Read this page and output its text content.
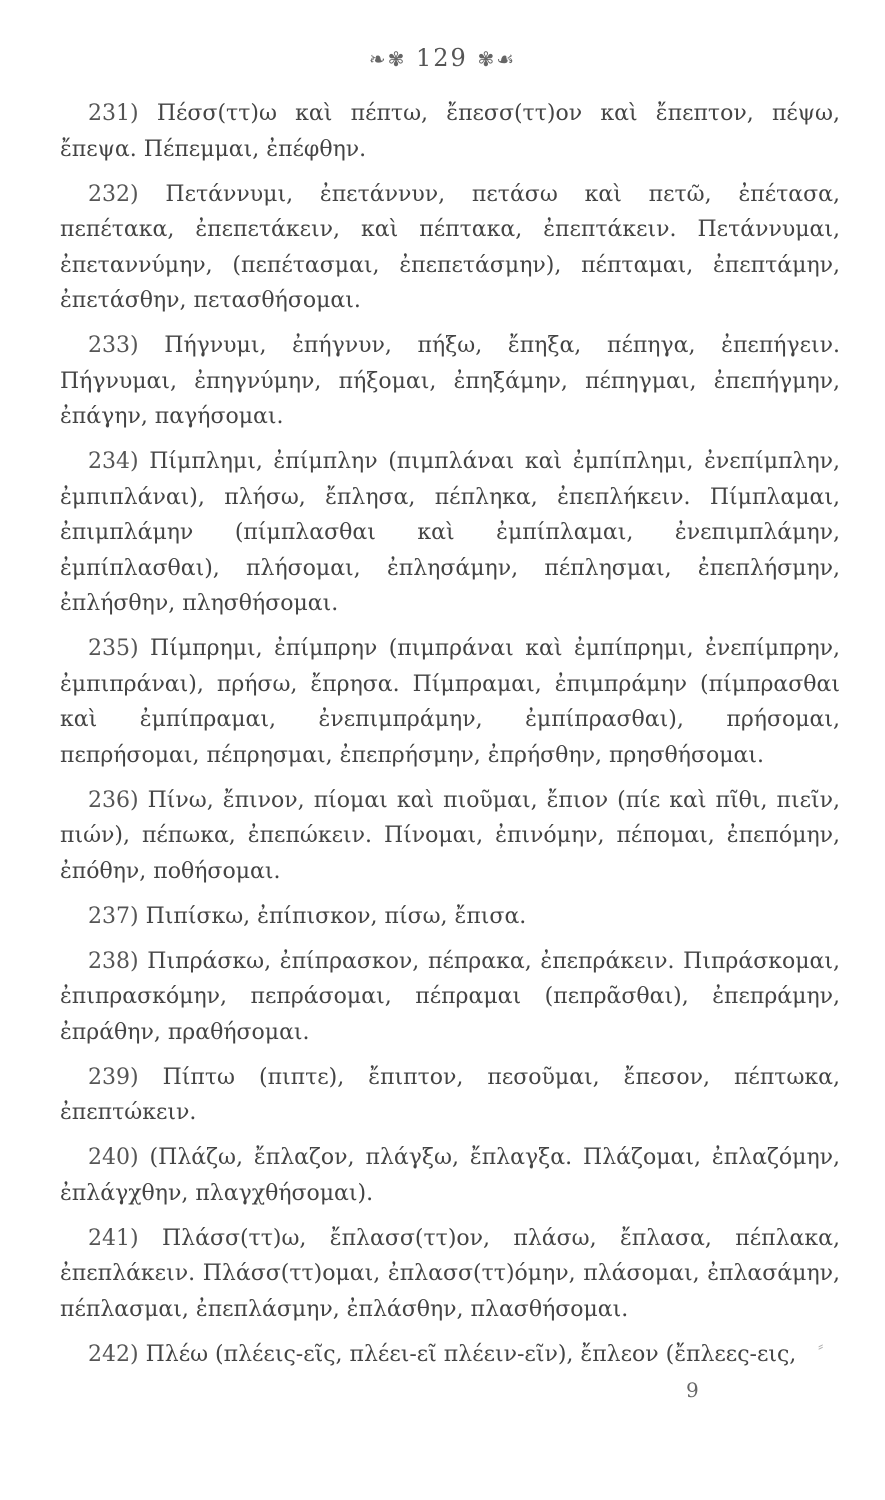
❧✾ 129 ✾☙

231) Πέσσ(ττ)ω καὶ πέπτω, ἔπεσσ(ττ)ον καὶ ἔπεπτον, πέψω, ἔπεψα. Πέπεμμαι, ἐπέφθην.

232) Πετάννυμι, ἐπετάννυν, πετάσω καὶ πετῶ, ἐπέτασα, πεπέτακα, ἐπεπετάκειν, καὶ πέπτακα, ἐπεπτάκειν. Πετάννυμαι, ἐπεταννύμην, (πεπέτασμαι, ἐπεπετάσμην), πέπταμαι, ἐπεπτάμην, ἐπετάσθην, πετασθήσομαι.

233) Πήγνυμι, ἐπήγνυν, πήξω, ἔπηξα, πέπηγα, ἐπεπήγειν. Πήγνυμαι, ἐπηγνύμην, πήξομαι, ἐπηξάμην, πέπηγμαι, ἐπεπήγμην, ἐπάγην, παγήσομαι.

234) Πίμπλημι, ἐπίμπλην (πιμπλάναι καὶ ἐμπίπλημι, ἐνεπίμπλην, ἐμπιπλάναι), πλήσω, ἔπλησα, πέπληκα, ἐπεπλήκειν. Πίμπλαμαι, ἐπιμπλάμην (πίμπλασθαι καὶ ἐμπίπλαμαι, ἐνεπιμπλάμην, ἐμπίπλασθαι), πλήσομαι, ἐπλησάμην, πέπλησμαι, ἐπεπλήσμην, ἐπλήσθην, πλησθήσομαι.

235) Πίμπρημι, ἐπίμπρην (πιμπράναι καὶ ἐμπίπρημι, ἐνεπίμπρην, ἐμπιπράναι), πρήσω, ἔπρησα. Πίμπραμαι, ἐπιμπράμην (πίμπρασθαι καὶ ἐμπίπραμαι, ἐνεπιμπράμην, ἐμπίπρασθαι), πρήσομαι, πεπρήσομαι, πέπρησμαι, ἐπεπρήσμην, ἐπρήσθην, πρησθήσομαι.

236) Πίνω, ἔπινον, πίομαι καὶ πιοῦμαι, ἔπιον (πίε καὶ πῖθι, πιεῖν, πιών), πέπωκα, ἐπεπώκειν. Πίνομαι, ἐπινόμην, πέπομαι, ἐπεπόμην, ἐπόθην, ποθήσομαι.

237) Πιπίσκω, ἐπίπισκον, πίσω, ἔπισα.

238) Πιπράσκω, ἐπίπρασκον, πέπρακα, ἐπεπράκειν. Πιπράσκομαι, ἐπιπρασκόμην, πεπράσομαι, πέπραμαι (πεπρᾶσθαι), ἐπεπράμην, ἐπράθην, πραθήσομαι.

239) Πίπτω (πιπτε), ἔπιπτον, πεσοῦμαι, ἔπεσον, πέπτωκα, ἐπεπτώκειν.

240) (Πλάζω, ἔπλαζον, πλάγξω, ἔπλαγξα. Πλάζομαι, ἐπλαζόμην, ἐπλάγχθην, πλαγχθήσομαι).

241) Πλάσσ(ττ)ω, ἔπλασσ(ττ)ον, πλάσω, ἔπλασα, πέπλακα, ἐπεπλάκειν. Πλάσσ(ττ)ομαι, ἐπλασσ(ττ)όμην, πλάσομαι, ἐπλασάμην, πέπλασμαι, ἐπεπλάσμην, ἐπλάσθην, πλασθήσομαι.

242) Πλέω (πλέεις-εῖς, πλέει-εῖ πλέειν-εῖν), ἔπλεον (ἔπλεες-εις,	⸗
9
